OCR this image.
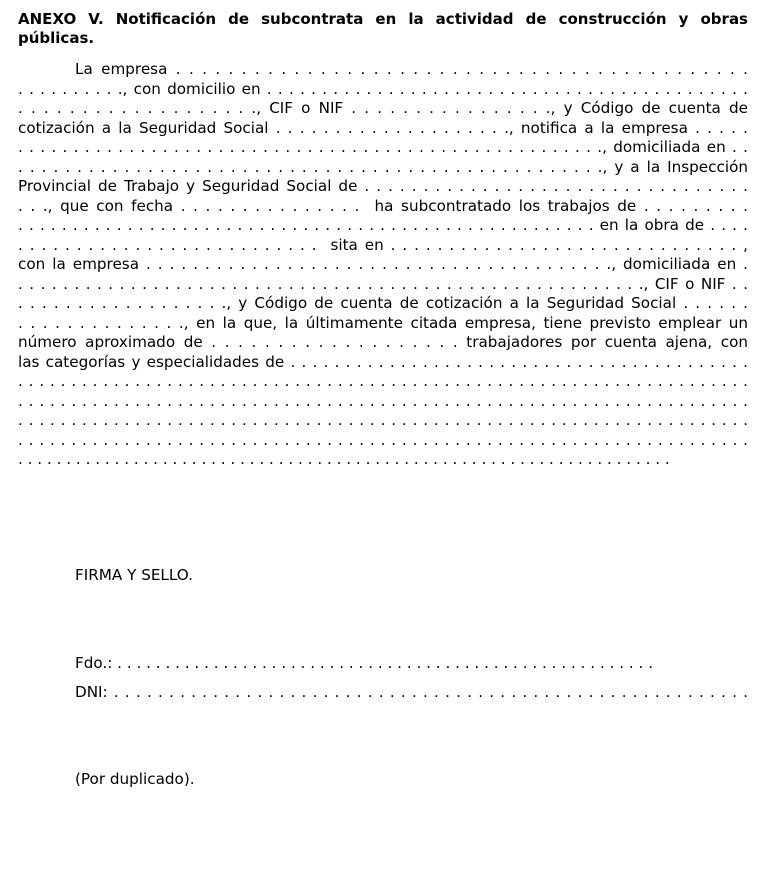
ANEXO V. Notificación de subcontrata en la actividad de construcción y obras públicas.

La empresa . . . . . . . . . . . . . . . . . . . . . . . . . . . . . . . . . . . . . . . . . . . .

. . . . . . . . . ., con domicilio en . . . . . . . . . . . . . . . . . . . . . . . . . . . . . . . . . . . . . . . . . . . .

. . . . . . . . . . . . . . . . . . ., CIF o NIF . . . . . . . . . . . . . . . ., y Código de cuenta de

cotización a la Seguridad Social . . . . . . . . . . . . . . . . . . . ., notifica a la empresa . . . . .

. . . . . . . . . . . . . . . . . . . . . . . . . . . . . . . . . . . . . . . . . . . . . . . . . . . . ., domiciliada en . .

. . . . . . . . . . . . . . . . . . . . . . . . . . . . . . . . . . . . . . . . . . . . . . . . . ., y a la Inspección

Provincial de Trabajo y Seguridad Social de . . . . . . . . . . . . . . . . . . . . . . . . . . . . . . . . .

. . ., que con fecha . . . . . . . . . . . . . . .  ha subcontratado los trabajos de . . . . . . . . .

. . . . . . . . . . . . . . . . . . . . . . . . . . . . . . . . . . . . . . . . . . . . . . . . . . . . . en la obra de . . . .

. . . . . . . . . . . . . . . . . . . . . . . . . .  sita en . . . . . . . . . . . . . . . . . . . . . . . . . . . . . . ,

con la empresa . . . . . . . . . . . . . . . . . . . . . . . . . . . . . . . . . . . . . . . ., domiciliada en .

. . . . . . . . . . . . . . . . . . . . . . . . . . . . . . . . . . . . . . . . . . . . . . . . . . . . . . . ., CIF o NIF . .

. . . . . . . . . . . . . . . . . ., y Código de cuenta de cotización a la Seguridad Social . . . . . .

. . . . . . . . . . . . . ., en la que, la últimamente citada empresa, tiene previsto emplear un

número aproximado de . . . . . . . . . . . . . . . . . . . trabajadores por cuenta ajena, con

las categorías y especialidades de . . . . . . . . . . . . . . . . . . . . . . . . . . . . . . . . . . . . . . . . . .

. . . . . . . . . . . . . . . . . . . . . . . . . . . . . . . . . . . . . . . . . . . . . . . . . . . . . . . . . . . . . . . . . . . . .

. . . . . . . . . . . . . . . . . . . . . . . . . . . . . . . . . . . . . . . . . . . . . . . . . . . . . . . . . . . . . . . . . . . . .

. . . . . . . . . . . . . . . . . . . . . . . . . . . . . . . . . . . . . . . . . . . . . . . . . . . . . . . . . . . . . . . . . . . . .

. . . . . . . . . . . . . . . . . . . . . . . . . . . . . . . . . . . . . . . . . . . . . . . . . . . . . . . . . . . . . . . . . . . . .

. . . . . . . . . . . . . . . . . . . . . . . . . . . . . . . . . . . . . . . . . . . . . . . . . . . . . . . . . . . . . . . . . . . .

FIRMA Y SELLO.

Fdo.: . . . . . . . . . . . . . . . . . . . . . . . . . . . . . . . . . . . . . . . . . . . . . . . . . . . . . . . .

DNI: . . . . . . . . . . . . . . . . . . . . . . . . . . . . . . . . . . . . . . . . . . . . . . . . . . . . . . . . . .

(Por duplicado).
